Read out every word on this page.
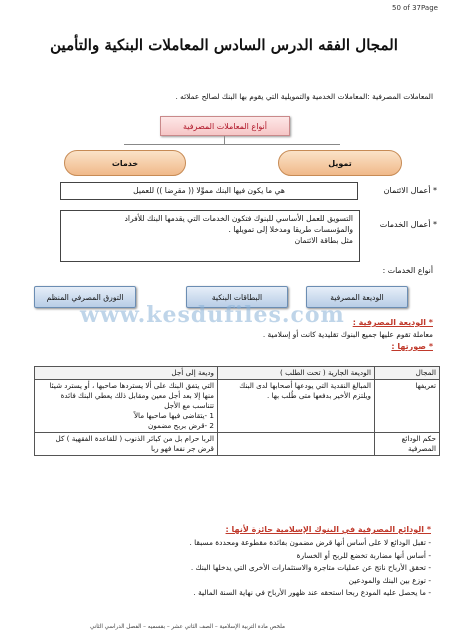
50 of 37Page
المجال الفقه الدرس السادس المعاملات البنكية والتأمين
المعاملات المصرفية :المعاملات الخدمية والتمويلية التي يقوم بها البنك لصالح عملائه .
أنواع المعاملات المصرفية
تمويل
خدمات
* أعمال الائتمان
هي ما يكون فيها البنك مموِّلا (( مقرِضا )) للعميل
* أعمال الخدمات
التسويق للعمل الأساسي للبنوك فتكون الخدمات التي يقدمها البنك للأفراد
والمؤسسات طريقا ومدخلا إلى تمويلها .
مثل بطاقة الائتمان
أنواع الخدمات :
الوديعة المصرفية
البطاقات البنكية
التورق المصرفي المنظم
www.kesdufiles.com * الوديعة المصرفية :
معاملة تقوم عليها جميع البنوك تقليدية كانت أو إسلامية .
* صورتها :
المجال	الوديعة الجارية ( تحت الطلب )	وديعة إلى أجل
تعريفها	المبالغ النقدية التي يودعها أصحابها لدى البنك ويلتزم الأخير بدفعها متى طُلب بها .	التي يتفق البنك على ألا يستردها صاحبها ، أو يسترد شيئا منها إلا بعد أجل معين ومقابل ذلك يعطي البنك فائدة تتناسب مع الأجل
1 -يتقاضى فيها صاحبها مالاً
2 -قرض بربح مضمون

حكم الودائع المصرفية		الربا حرام بل من كبائر الذنوب ( للقاعدة الفقهية ) كل قرض جر نفعا فهو ربا
* الودائع المصرفية في البنوك الإسلامية جائزة لأنها :
- تقبل الودائع لا على أساس أنها قرض مضمون بفائدة مقطوعة ومحددة مسبقا .
- أساس أنها مضاربة تخضع للربح أو الخسارة
- تحقق الأرباح ناتج عن عمليات متاجرة والاستثمارات الأخرى التي يدخلها البنك .
- توزع بين البنك والمودعين
- ما يحصل عليه المودع ربحا استحقه عند ظهور الأرباح في نهاية السنة المالية .
ملخص مادة التربية الإسلامية – الصف الثاني عشر – بقسميه – الفصل الدراسي الثاني
